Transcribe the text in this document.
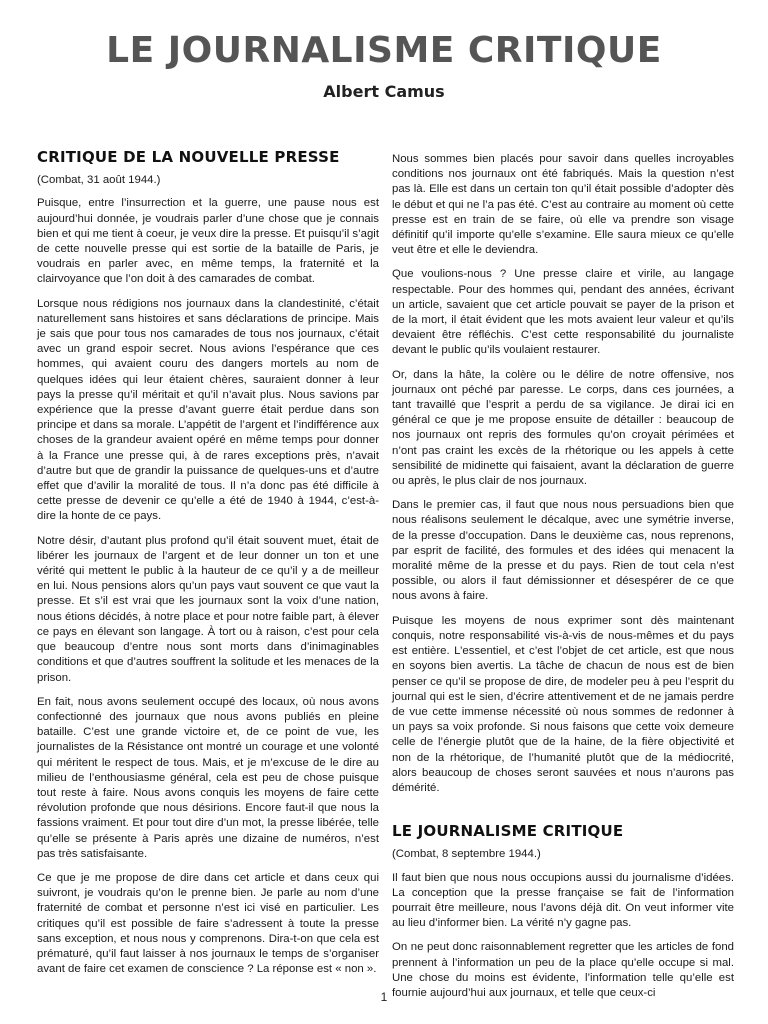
LE JOURNALISME CRITIQUE
Albert Camus
CRITIQUE DE LA NOUVELLE PRESSE

(Combat, 31 août 1944.)

Puisque, entre l’insurrection et la guerre, une pause nous est aujourd’hui donnée, je voudrais parler d’une chose que je connais bien et qui me tient à coeur, je veux dire la presse. Et puisqu’il s’agit de cette nouvelle presse qui est sortie de la bataille de Paris, je voudrais en parler avec, en même temps, la fraternité et la clairvoyance que l’on doit à des camarades de combat.

Lorsque nous rédigions nos journaux dans la clandestinité, c’était naturellement sans histoires et sans déclarations de principe. Mais je sais que pour tous nos camarades de tous nos journaux, c’était avec un grand espoir secret. Nous avions l’espérance que ces hommes, qui avaient couru des dangers mortels au nom de quelques idées qui leur étaient chères, sauraient donner à leur pays la presse qu’il méritait et qu’il n’avait plus. Nous savions par expérience que la presse d’avant guerre était perdue dans son principe et dans sa morale. L’appétit de l’argent et l’indifférence aux choses de la grandeur avaient opéré en même temps pour donner à la France une presse qui, à de rares exceptions près, n’avait d’autre but que de grandir la puissance de quelques-uns et d’autre effet que d’avilir la moralité de tous. Il n’a donc pas été difficile à cette presse de devenir ce qu’elle a été de 1940 à 1944, c’est-à-dire la honte de ce pays.

Notre désir, d’autant plus profond qu’il était souvent muet, était de libérer les journaux de l’argent et de leur donner un ton et une vérité qui mettent le public à la hauteur de ce qu’il y a de meilleur en lui. Nous pensions alors qu’un pays vaut souvent ce que vaut la presse. Et s’il est vrai que les journaux sont la voix d’une nation, nous étions décidés, à notre place et pour notre faible part, à élever ce pays en élevant son langage. À tort ou à raison, c’est pour cela que beaucoup d’entre nous sont morts dans d’inimaginables conditions et que d’autres souffrent la solitude et les menaces de la prison.

En fait, nous avons seulement occupé des locaux, où nous avons confectionné des journaux que nous avons publiés en pleine bataille. C’est une grande victoire et, de ce point de vue, les journalistes de la Résistance ont montré un courage et une volonté qui méritent le respect de tous. Mais, et je m’excuse de le dire au milieu de l’enthousiasme général, cela est peu de chose puisque tout reste à faire. Nous avons conquis les moyens de faire cette révolution profonde que nous désirions. Encore faut-il que nous la fassions vraiment. Et pour tout dire d’un mot, la presse libérée, telle qu’elle se présente à Paris après une dizaine de numéros, n’est pas très satisfaisante.

Ce que je me propose de dire dans cet article et dans ceux qui suivront, je voudrais qu’on le prenne bien. Je parle au nom d’une fraternité de combat et personne n’est ici visé en particulier. Les critiques qu’il est possible de faire s’adressent à toute la presse sans exception, et nous nous y comprenons. Dira-t-on que cela est prématuré, qu’il faut laisser à nos journaux le temps de s’organiser avant de faire cet examen de conscience ? La réponse est « non ».

Nous sommes bien placés pour savoir dans quelles incroyables conditions nos journaux ont été fabriqués. Mais la question n’est pas là. Elle est dans un certain ton qu’il était possible d’adopter dès le début et qui ne l’a pas été. C’est au contraire au moment où cette presse est en train de se faire, où elle va prendre son visage définitif qu’il importe qu’elle s’examine. Elle saura mieux ce qu’elle veut être et elle le deviendra.

Que voulions-nous ? Une presse claire et virile, au langage respectable. Pour des hommes qui, pendant des années, écrivant un article, savaient que cet article pouvait se payer de la prison et de la mort, il était évident que les mots avaient leur valeur et qu’ils devaient être réfléchis. C’est cette responsabilité du journaliste devant le public qu’ils voulaient restaurer.

Or, dans la hâte, la colère ou le délire de notre offensive, nos journaux ont péché par paresse. Le corps, dans ces journées, a tant travaillé que l’esprit a perdu de sa vigilance. Je dirai ici en général ce que je me propose ensuite de détailler : beaucoup de nos journaux ont repris des formules qu’on croyait périmées et n’ont pas craint les excès de la rhétorique ou les appels à cette sensibilité de midinette qui faisaient, avant la déclaration de guerre ou après, le plus clair de nos journaux.

Dans le premier cas, il faut que nous nous persuadions bien que nous réalisons seulement le décalque, avec une symétrie inverse, de la presse d’occupation. Dans le deuxième cas, nous reprenons, par esprit de facilité, des formules et des idées qui menacent la moralité même de la presse et du pays. Rien de tout cela n’est possible, ou alors il faut démissionner et désespérer de ce que nous avons à faire.

Puisque les moyens de nous exprimer sont dès maintenant conquis, notre responsabilité vis-à-vis de nous-mêmes et du pays est entière. L’essentiel, et c’est l’objet de cet article, est que nous en soyons bien avertis. La tâche de chacun de nous est de bien penser ce qu’il se propose de dire, de modeler peu à peu l’esprit du journal qui est le sien, d’écrire attentivement et de ne jamais perdre de vue cette immense nécessité où nous sommes de redonner à un pays sa voix profonde. Si nous faisons que cette voix demeure celle de l’énergie plutôt que de la haine, de la fière objectivité et non de la rhétorique, de l’humanité plutôt que de la médiocrité, alors beaucoup de choses seront sauvées et nous n’aurons pas démérité.

LE JOURNALISME CRITIQUE

(Combat, 8 septembre 1944.)

Il faut bien que nous nous occupions aussi du journalisme d’idées. La conception que la presse française se fait de l’information pourrait être meilleure, nous l’avons déjà dit. On veut informer vite au lieu d’informer bien. La vérité n’y gagne pas.

On ne peut donc raisonnablement regretter que les articles de fond prennent à l’information un peu de la place qu’elle occupe si mal. Une chose du moins est évidente, l’information telle qu’elle est fournie aujourd’hui aux journaux, et telle que ceux-ci

1
